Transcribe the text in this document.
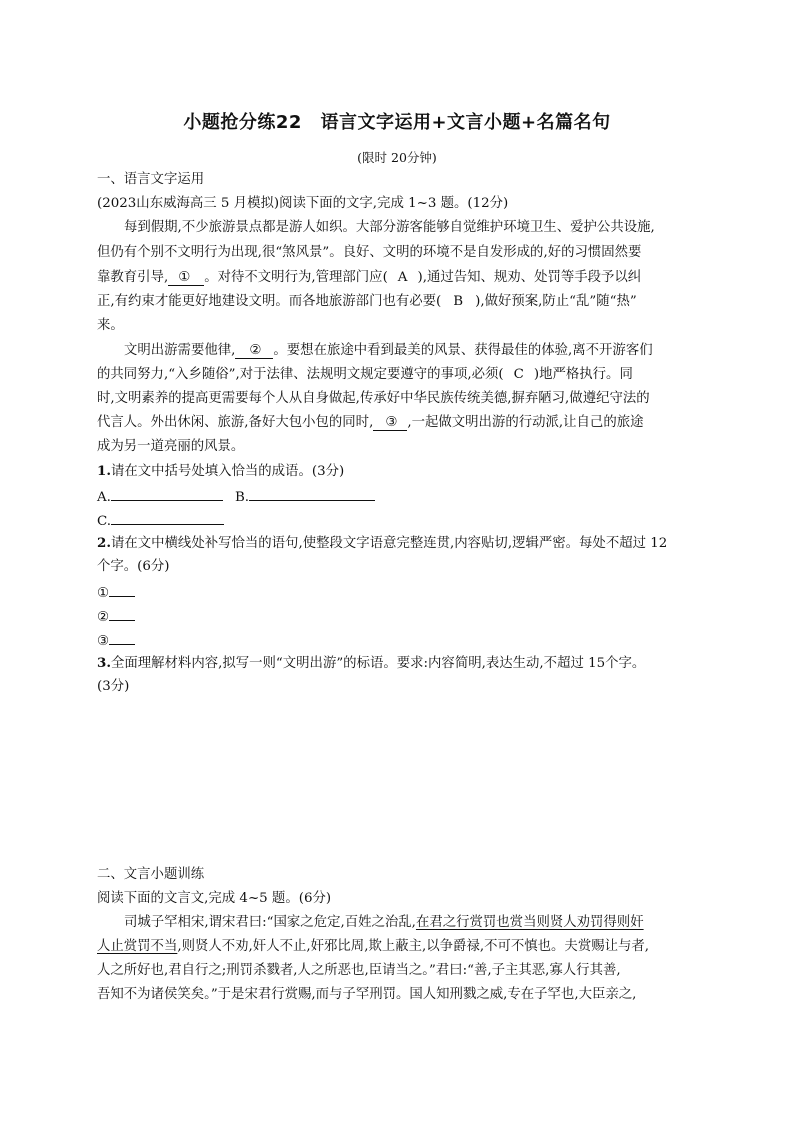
小题抢分练22　语言文字运用+文言小题+名篇名句
(限时 20分钟)
一、语言文字运用
(2023山东威海高三 5 月模拟)阅读下面的文字,完成 1~3 题。(12分)
每到假期,不少旅游景点都是游人如织。大部分游客能够自觉维护环境卫生、爱护公共设施,
但仍有个别不文明行为出现,很“煞风景”。良好、文明的环境不是自发形成的,好的习惯固然要
靠教育引导, ① 。对待不文明行为,管理部门应( A ),通过告知、规劝、处罚等手段予以纠
正,有约束才能更好地建设文明。而各地旅游部门也有必要( B ),做好预案,防止“乱”随“热”
来。
文明出游需要他律, ② 。要想在旅途中看到最美的风景、获得最佳的体验,离不开游客们
的共同努力,“入乡随俗”,对于法律、法规明文规定要遵守的事项,必须( C )地严格执行。同
时,文明素养的提高更需要每个人从自身做起,传承好中华民族传统美德,摒弃陋习,做遵纪守法的
代言人。外出休闲、旅游,备好大包小包的同时, ③ ,一起做文明出游的行动派,让自己的旅途
成为另一道亮丽的风景。
1.请在文中括号处填入恰当的成语。(3分)
A.	B.
C.
2.请在文中横线处补写恰当的语句,使整段文字语意完整连贯,内容贴切,逻辑严密。每处不超过 12
个字。(6分)
①
②
③
3.全面理解材料内容,拟写一则“文明出游”的标语。要求:内容简明,表达生动,不超过 15个字。
(3分)
二、文言小题训练
阅读下面的文言文,完成 4~5 题。(6分)
司城子罕相宋,谓宋君曰:“国家之危定,百姓之治乱,在君之行赏罚也赏当则贤人劝罚得则奸
人止赏罚不当,则贤人不劝,奸人不止,奸邪比周,欺上蔽主,以争爵禄,不可不慎也。夫赏赐让与者,
人之所好也,君自行之;刑罚杀戮者,人之所恶也,臣请当之。”君曰:“善,子主其恶,寡人行其善,
吾知不为诸侯笑矣。”于是宋君行赏赐,而与子罕刑罚。国人知刑戮之威,专在子罕也,大臣亲之,
